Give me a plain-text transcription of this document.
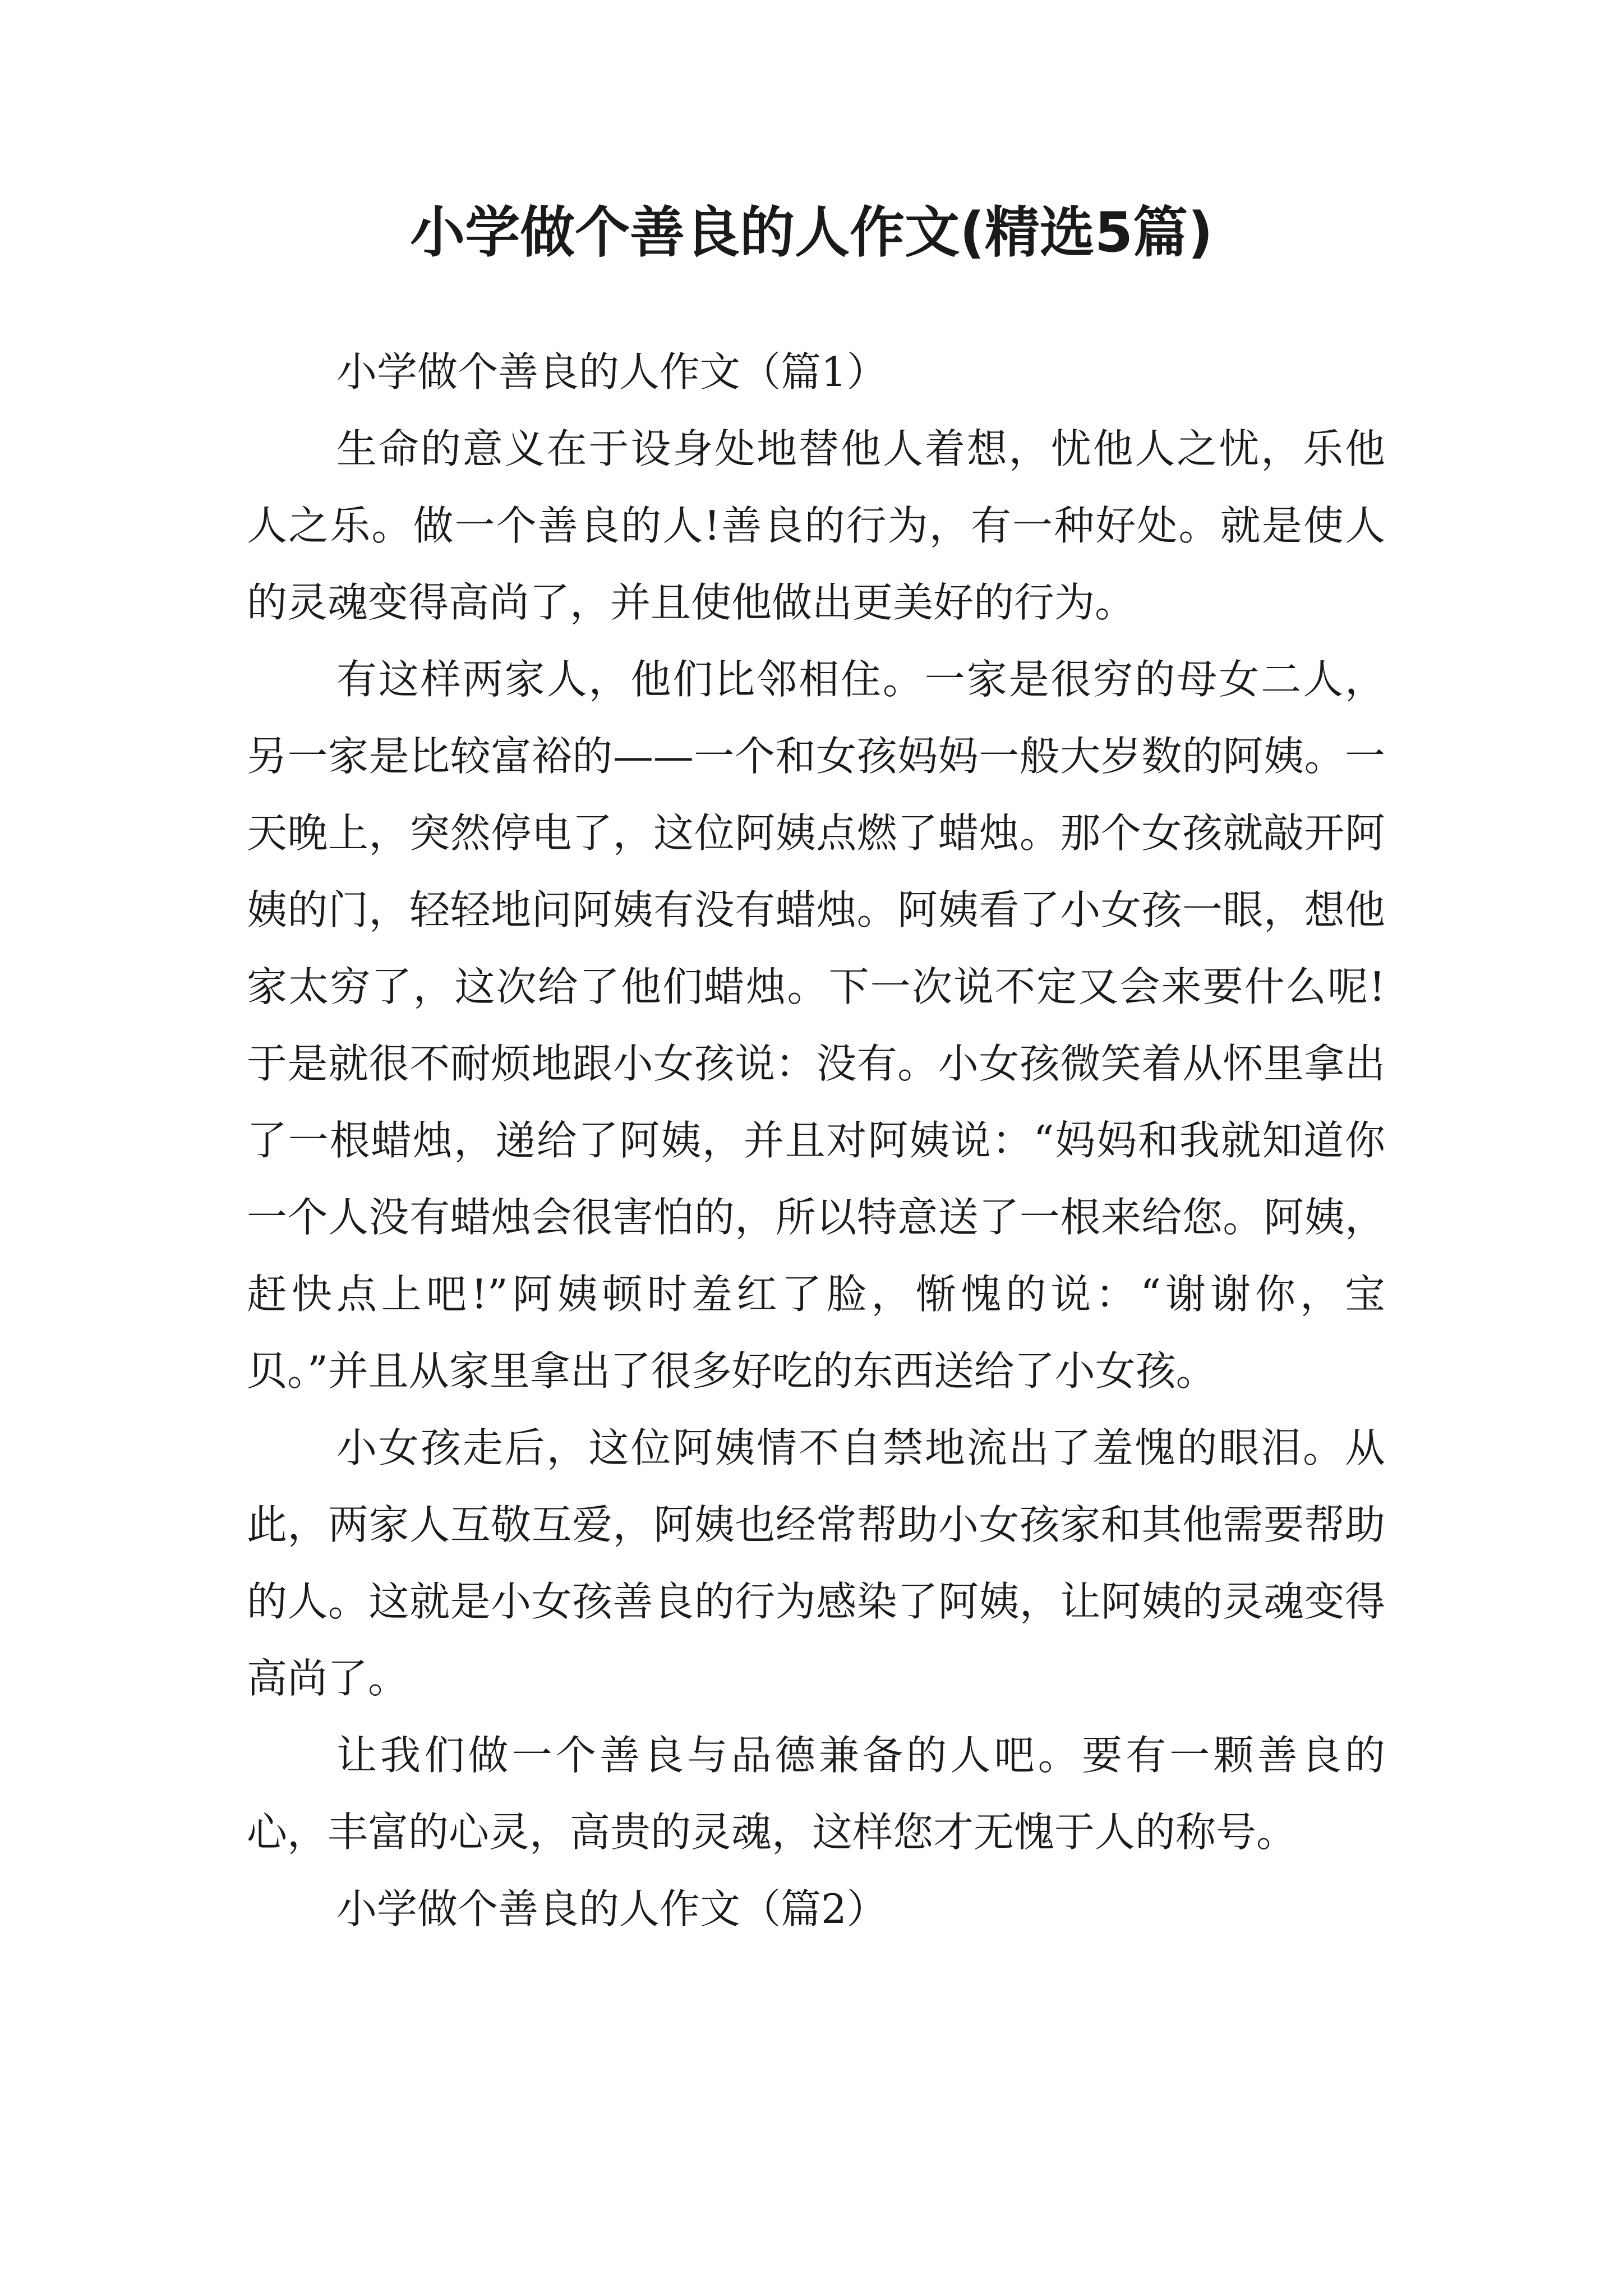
小学做个善良的人作文(精选5篇)

小学做个善良的人作文（篇1）

生命的意义在于设身处地替他人着想，忧他人之忧，乐他人之乐。做一个善良的人!善良的行为，有一种好处。就是使人的灵魂变得高尚了，并且使他做出更美好的行为。

有这样两家人，他们比邻相住。一家是很穷的母女二人，另一家是比较富裕的——一个和女孩妈妈一般大岁数的阿姨。一天晚上，突然停电了，这位阿姨点燃了蜡烛。那个女孩就敲开阿姨的门，轻轻地问阿姨有没有蜡烛。阿姨看了小女孩一眼，想他家太穷了，这次给了他们蜡烛。下一次说不定又会来要什么呢!于是就很不耐烦地跟小女孩说：没有。小女孩微笑着从怀里拿出了一根蜡烛，递给了阿姨，并且对阿姨说：“妈妈和我就知道你一个人没有蜡烛会很害怕的，所以特意送了一根来给您。阿姨，赶快点上吧!”阿姨顿时羞红了脸，惭愧的说：“谢谢你，宝贝。”并且从家里拿出了很多好吃的东西送给了小女孩。

小女孩走后，这位阿姨情不自禁地流出了羞愧的眼泪。从此，两家人互敬互爱，阿姨也经常帮助小女孩家和其他需要帮助的人。这就是小女孩善良的行为感染了阿姨，让阿姨的灵魂变得高尚了。

让我们做一个善良与品德兼备的人吧。要有一颗善良的心，丰富的心灵，高贵的灵魂，这样您才无愧于人的称号。

小学做个善良的人作文（篇2）
